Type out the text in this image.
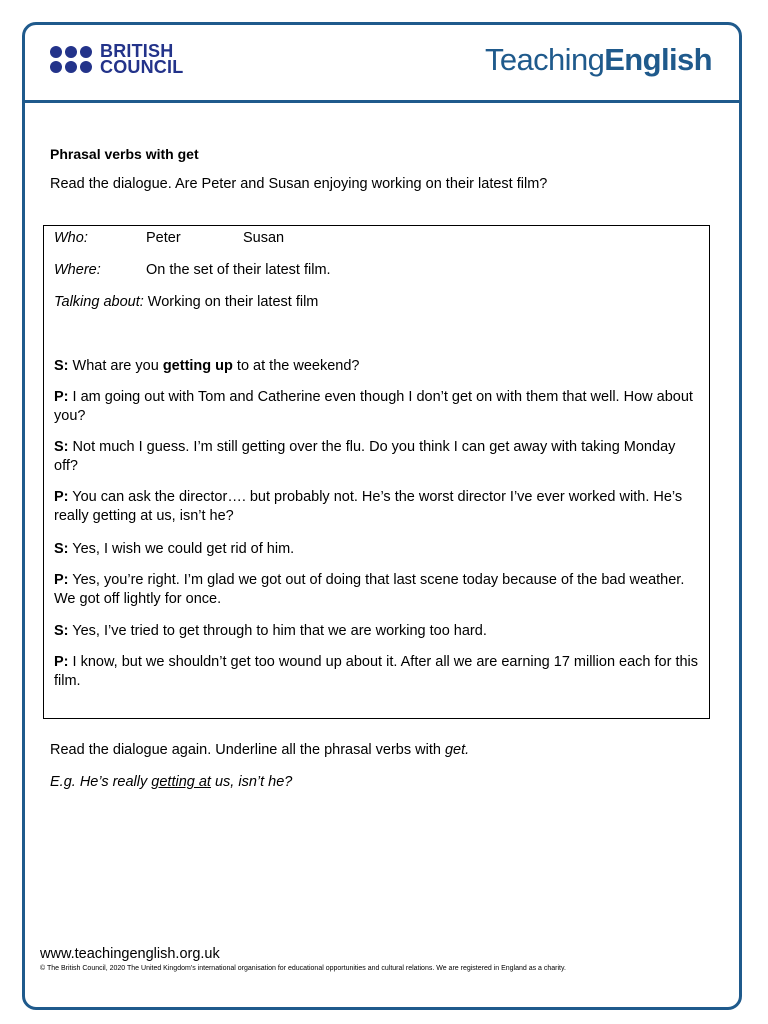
BRITISH
COUNCIL	TeachingEnglish
Phrasal verbs with get
Read the dialogue. Are Peter and Susan enjoying working on their latest film?
Who:	Peter	Susan
Where:	On the set of their latest film.
Talking about: Working on their latest film
S: What are you getting up to at the weekend?
P: I am going out with Tom and Catherine even though I don’t get on with them that well. How about you?
S: Not much I guess. I’m still getting over the flu. Do you think I can get away with taking Monday off?
P: You can ask the director…. but probably not. He’s the worst director I’ve ever worked with. He’s really getting at us, isn’t he?
S: Yes, I wish we could get rid of him.
P: Yes, you’re right. I’m glad we got out of doing that last scene today because of the bad weather. We got off lightly for once.
S: Yes, I’ve tried to get through to him that we are working too hard.
P: I know, but we shouldn’t get too wound up about it. After all we are earning 17 million each for this film.
Read the dialogue again. Underline all the phrasal verbs with get.
E.g. He’s really getting at us, isn’t he?
www.teachingenglish.org.uk
© The British Council, 2020 The United Kingdom’s international organisation for educational opportunities and cultural relations. We are registered in England as a charity.
